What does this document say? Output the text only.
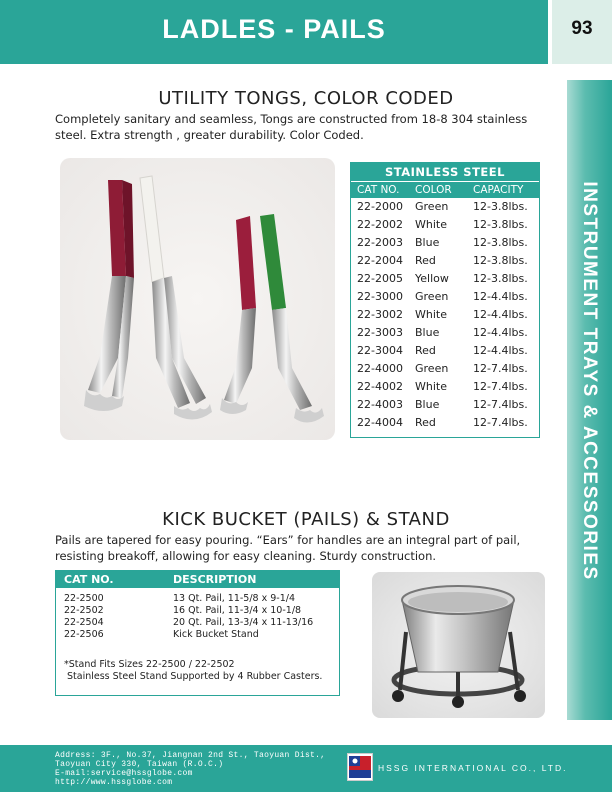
LADLES - PAILS	93
INSTRUMENT TRAYS & ACCESSORIES
UTILITY TONGS, COLOR CODED
Completely sanitary and seamless, Tongs are constructed from 18-8 304 stainless steel. Extra strength , greater durability. Color Coded.
STAINLESS STEEL
CAT NO. COLOR CAPACITY
22-2000 Green 12-3.8lbs.
22-2002 White 12-3.8lbs.
22-2003 Blue	12-3.8lbs.
22-2004 Red	12-3.8lbs.
22-2005 Yellow 12-3.8lbs.
22-3000 Green 12-4.4lbs.
22-3002 White 12-4.4lbs.
22-3003 Blue	12-4.4lbs.
22-3004 Red	12-4.4lbs.
22-4000 Green 12-7.4lbs.
22-4002 White 12-7.4lbs.
22-4003 Blue	12-7.4lbs.
22-4004 Red	12-7.4lbs.
KICK BUCKET (PAILS) & STAND
Pails are tapered for easy pouring. “Ears” for handles are an integral part of pail, resisting breakoff, allowing for easy cleaning. Sturdy construction.
CAT NO.	DESCRIPTION
22-2500	13 Qt. Pail, 11-5/8 x 9-1/4
22-2502	16 Qt. Pail, 11-3/4 x 10-1/8
22-2504	20 Qt. Pail, 13-3/4 x 11-13/16
22-2506	Kick Bucket Stand
*Stand Fits Sizes 22-2500 / 22-2502
Stainless Steel Stand Supported by 4 Rubber Casters.
Address: 3F., No.37, Jiangnan 2nd St., Taoyuan Dist.,
Taoyuan City 330, Taiwan (R.O.C.)
E-mail:service@hssglobe.com
http://www.hssglobe.com
HSSG INTERNATIONAL CO., LTD.
